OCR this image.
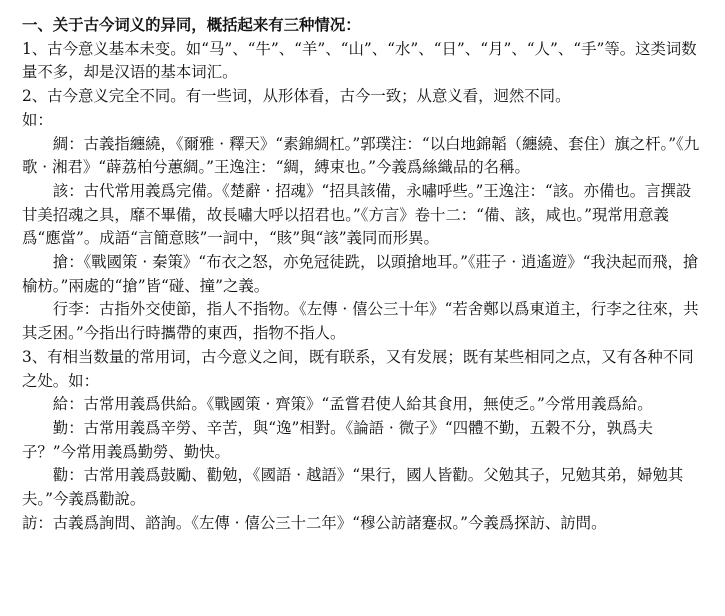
一、关于古今词义的异同，概括起来有三种情况：

1、古今意义基本未变。如“马”、“牛”、“羊”、“山”、“水”、“日”、“月”、“人”、“手”等。这类词数量不多，却是汉语的基本词汇。

2、古今意义完全不同。有一些词，从形体看，古今一致；从意义看，迥然不同。

如：

綢：古義指纏繞，《爾雅 · 釋天》“素錦綢杠。”郭璞注：“以白地錦韜（纏繞、套住）旗之杆。”《九歌 · 湘君》“薜荔柏兮蕙綢。”王逸注：“綢，縛束也。”今義爲絲織品的名稱。

該：古代常用義爲完備。《楚辭 · 招魂》“招具該備，永嘯呼些。”王逸注：“該。亦備也。言撰設甘美招魂之具，靡不畢備，故長嘯大呼以招君也。”《方言》卷十二：“備、該，咸也。”現常用意義爲“應當”。成語“言簡意賅”一詞中，“賅”與“該”義同而形異。

搶：《戰國策 · 秦策》“布衣之怒，亦免冠徒跣，以頭搶地耳。”《莊子 · 逍遙遊》“我決起而飛，搶榆枋。”兩處的“搶”皆“碰、撞”之義。

行李：古指外交使節，指人不指物。《左傳 · 僖公三十年》“若舍鄭以爲東道主，行李之往來，共其乏困。”今指出行時攜帶的東西，指物不指人。

3、有相当数量的常用词，古今意义之间，既有联系，又有发展；既有某些相同之点，又有各种不同之处。如：

給：古常用義爲供給。《戰國策 · 齊策》“孟嘗君使人給其食用，無使乏。”今常用義爲給。

勤：古常用義爲辛勞、辛苦，與“逸”相對。《論語 · 微子》“四體不勤，五穀不分，孰爲夫子？”今常用義爲勤勞、勤快。

勸：古常用義爲鼓勵、勸勉，《國語 · 越語》“果行，國人皆勸。父勉其子，兄勉其弟，婦勉其夫。”今義爲勸說。

訪：古義爲詢問、諮詢。《左傳 · 僖公三十二年》“穆公訪諸蹇叔。”今義爲探訪、訪問。
